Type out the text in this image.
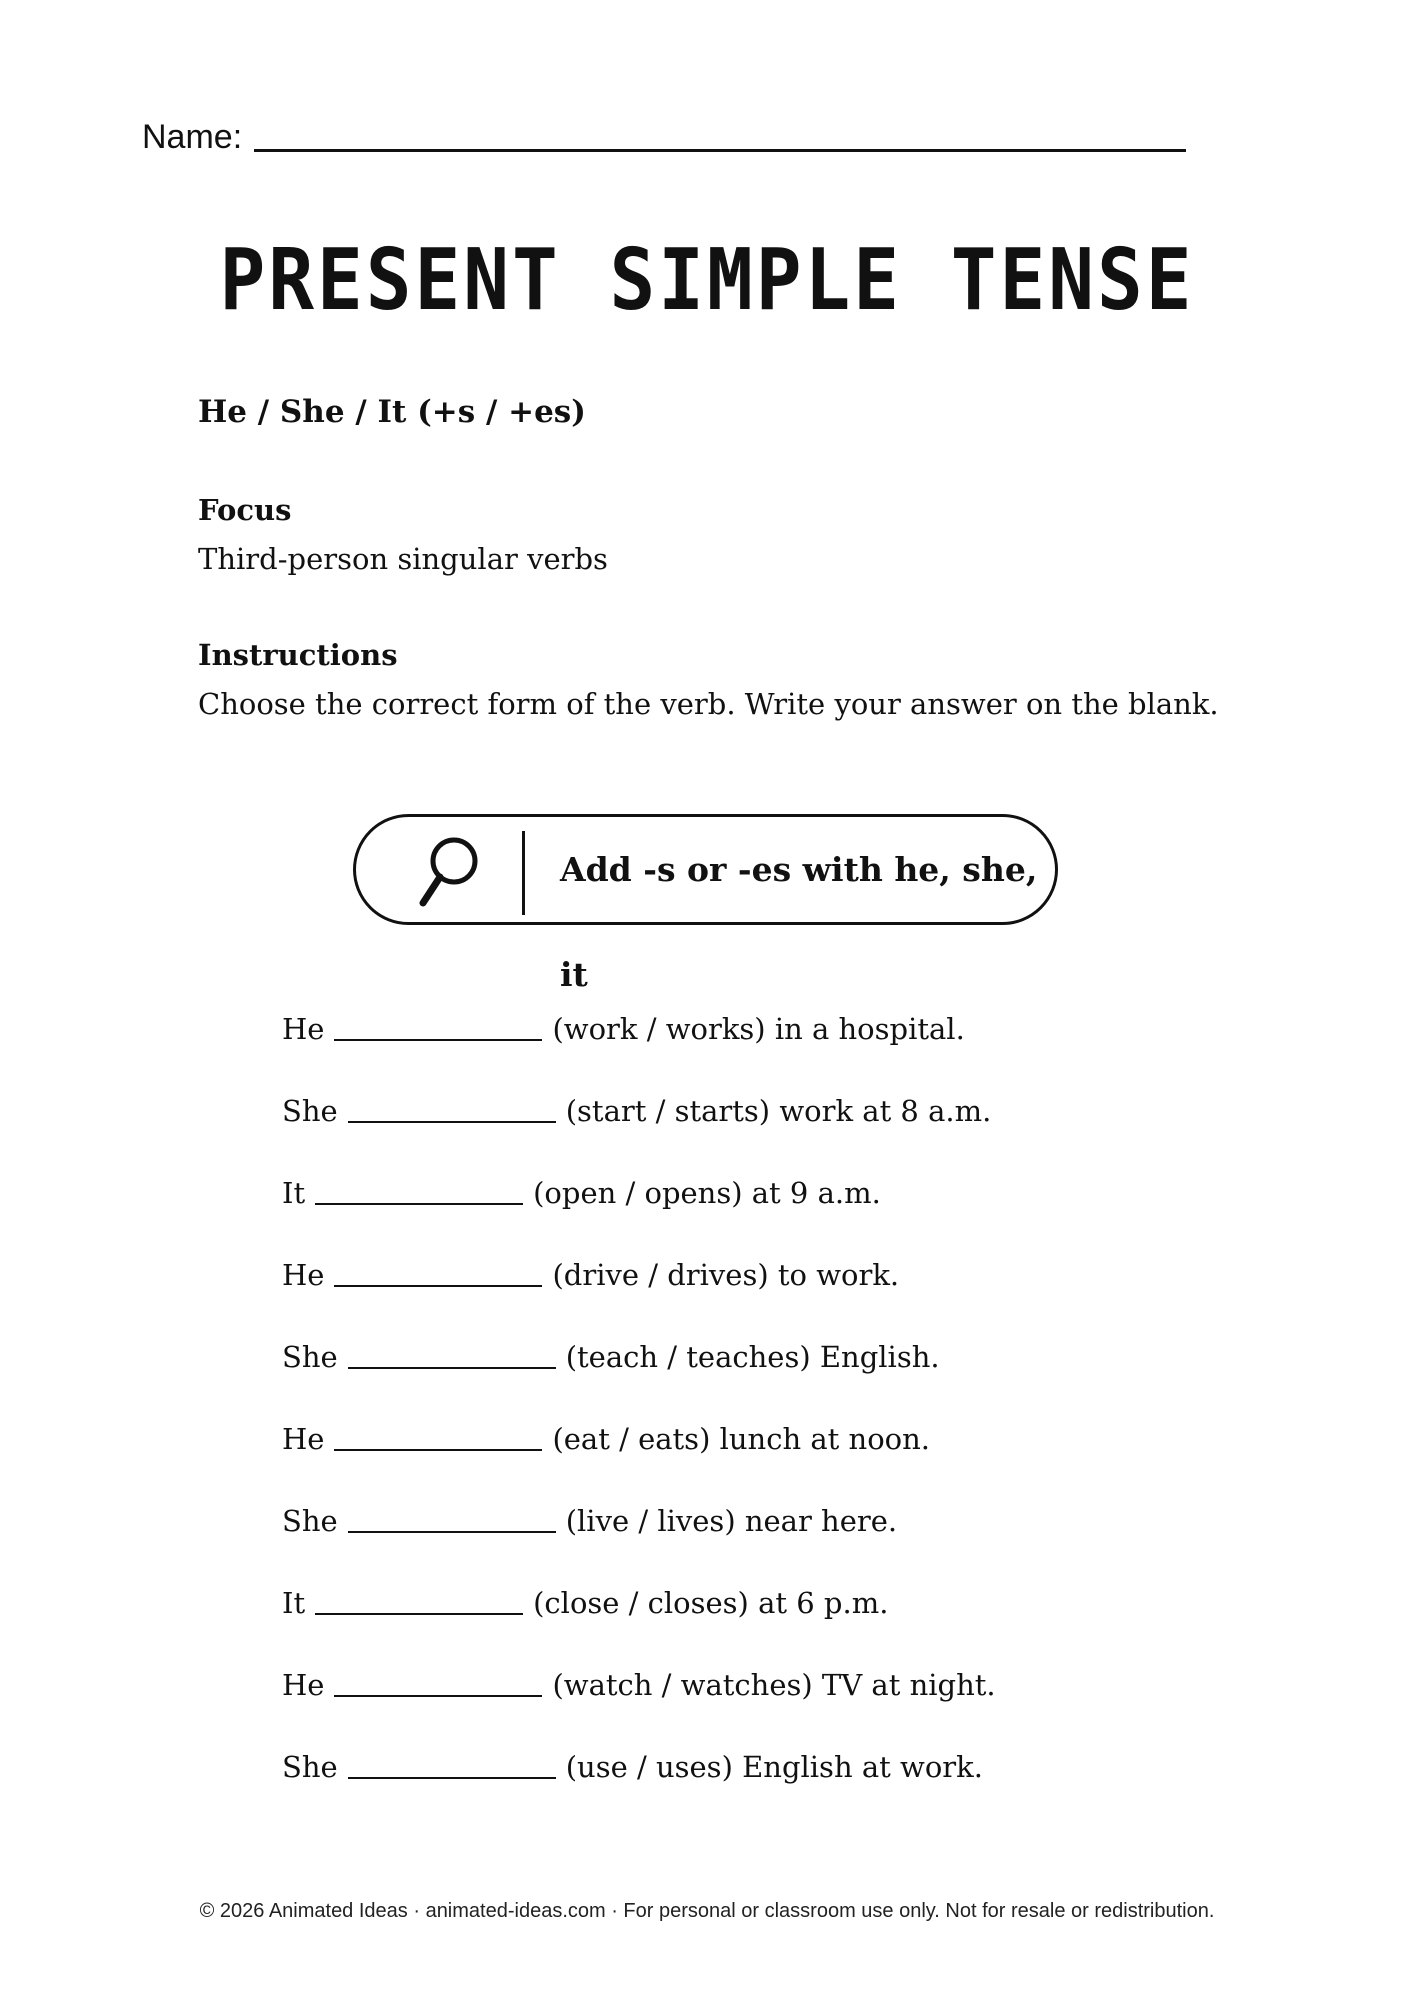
Name:
PRESENT SIMPLE TENSE
He / She / It (+s / +es)
Focus
Third-person singular verbs
Instructions
Choose the correct form of the verb. Write your answer on the blank.
Add -s or -es with he, she, it
He	(work / works) in a hospital.
She	(start / starts) work at 8 a.m.
It	(open / opens) at 9 a.m.
He	(drive / drives) to work.
She	(teach / teaches) English.
He	(eat / eats) lunch at noon.
She	(live / lives) near here.
It	(close / closes) at 6 p.m.
He	(watch / watches) TV at night.
She	(use / uses) English at work.
© 2026 Animated Ideas · animated-ideas.com · For personal or classroom use only. Not for resale or redistribution.
